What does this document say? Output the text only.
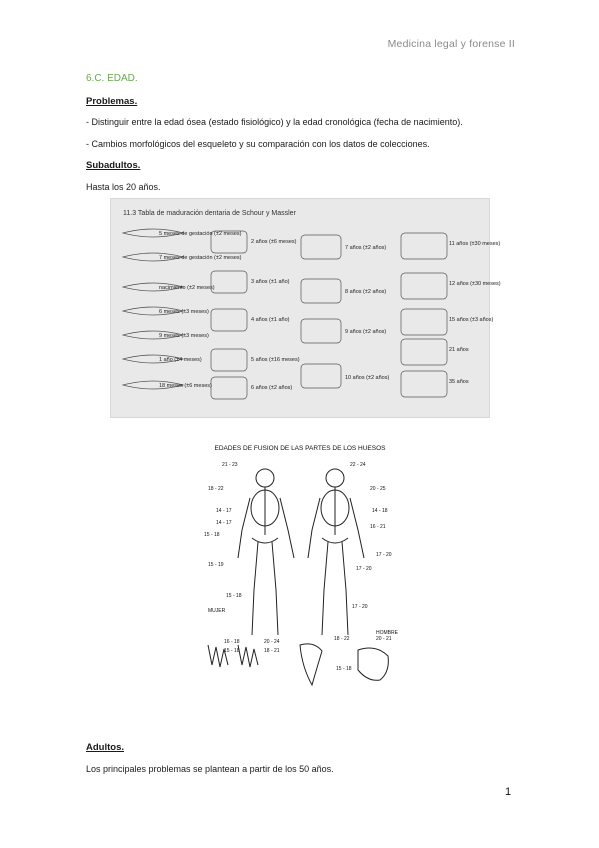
Medicina legal y forense II
6.C. EDAD.
Problemas.
- Distinguir entre la edad ósea (estado fisiológico) y la edad cronológica (fecha de nacimiento).
- Cambios morfológicos del esqueleto y su comparación con los datos de colecciones.
Subadultos.
Hasta los 20 años.
11.3 Tabla de maduración dentaria de Schour y Massler
5 meses de gestación (±2 meses)
7 meses de gestación (±2 meses)
nacimiento (±2 meses)
6 meses (±3 meses)
9 meses (±3 meses)
1 año (±4 meses)
18 meses (±6 meses)
2 años (±6 meses)
3 años (±1 año)
4 años (±1 año)
5 años (±16 meses)
6 años (±2 años)
7 años (±2 años)
8 años (±2 años)
9 años (±2 años)
10 años (±2 años)
11 años (±30 meses)
12 años (±30 meses)
15 años (±3 años)
21 años
35 años
EDADES DE FUSION DE LAS PARTES DE LOS HUESOS
21 - 23
18 - 22
14 - 17
14 - 17
15 - 18
15 - 19
15 - 18
22 - 24
20 - 25
14 - 18
16 - 21
17 - 20
17 - 20
17 - 20
MUJER
HOMBRE
16 - 18
15 - 18
20 - 24
18 - 21
18 - 22
15 - 18
20 - 21
Adultos.
Los principales problemas se plantean a partir de los 50 años.
1
